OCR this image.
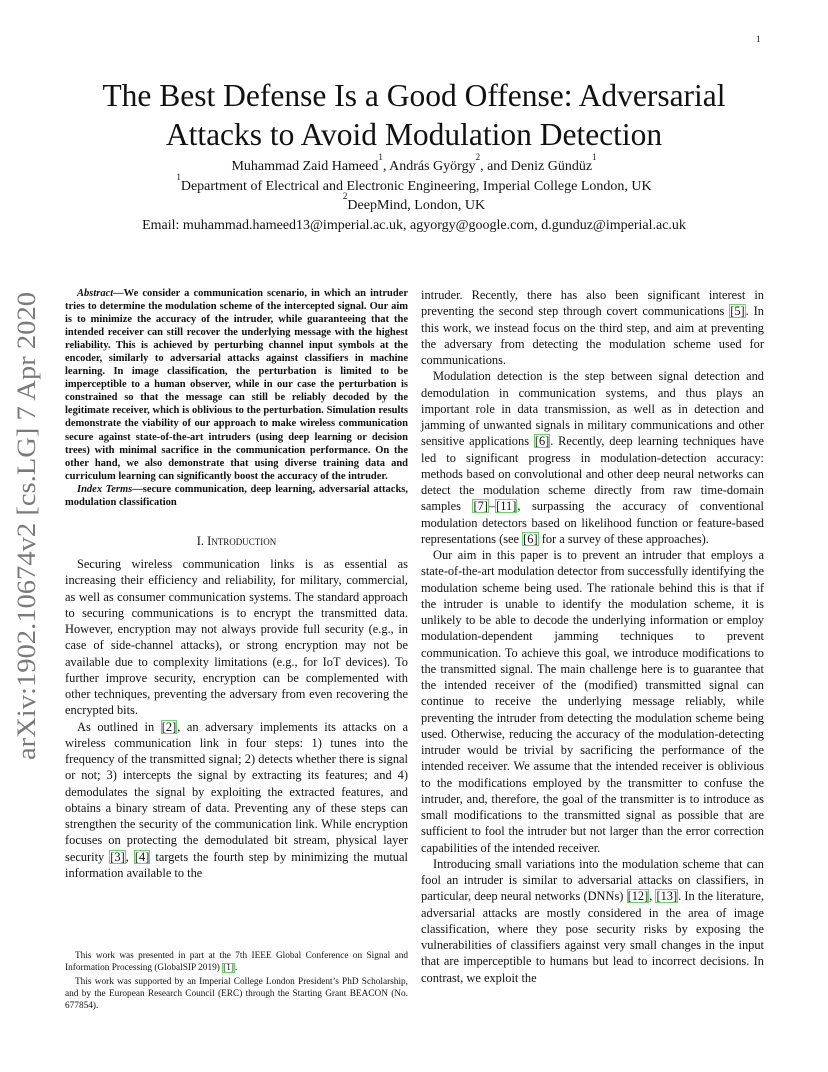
1
arXiv:1902.10674v2 [cs.LG] 7 Apr 2020
The Best Defense Is a Good Offense: Adversarial
Attacks to Avoid Modulation Detection
Muhammad Zaid Hameed$^1$, András György$^2$, and Deniz Gündüz$^1$
$^1$Department of Electrical and Electronic Engineering, Imperial College London, UK
$^2$DeepMind, London, UK
Email: muhammad.hameed13@imperial.ac.uk, agyorgy@google.com, d.gunduz@imperial.ac.uk

Abstract—We consider a communication scenario, in which an intruder tries to determine the modulation scheme of the intercepted signal. Our aim is to minimize the accuracy of the intruder, while guaranteeing that the intended receiver can still recover the underlying message with the highest reliability. This is achieved by perturbing channel input symbols at the encoder, similarly to adversarial attacks against classifiers in machine learning. In image classification, the perturbation is limited to be imperceptible to a human observer, while in our case the perturbation is constrained so that the message can still be reliably decoded by the legitimate receiver, which is oblivious to the perturbation. Simulation results demonstrate the viability of our approach to make wireless communication secure against state-of-the-art intruders (using deep learning or decision trees) with minimal sacrifice in the communication performance. On the other hand, we also demonstrate that using diverse training data and curriculum learning can significantly boost the accuracy of the intruder.

Index Terms—secure communication, deep learning, adversarial attacks, modulation classification

I. Introduction

Securing wireless communication links is as essential as increasing their efficiency and reliability, for military, commercial, as well as consumer communication systems. The standard approach to securing communications is to encrypt the transmitted data. However, encryption may not always provide full security (e.g., in case of side-channel attacks), or strong encryption may not be available due to complexity limitations (e.g., for IoT devices). To further improve security, encryption can be complemented with other techniques, preventing the adversary from even recovering the encrypted bits.

As outlined in [2], an adversary implements its attacks on a wireless communication link in four steps: 1) tunes into the frequency of the transmitted signal; 2) detects whether there is signal or not; 3) intercepts the signal by extracting its features; and 4) demodulates the signal by exploiting the extracted features, and obtains a binary stream of data. Preventing any of these steps can strengthen the security of the communication link. While encryption focuses on protecting the demodulated bit stream, physical layer security [3], [4] targets the fourth step by minimizing the mutual information available to the

This work was presented in part at the 7th IEEE Global Conference on Signal and Information Processing (GlobalSIP 2019) [1].

This work was supported by an Imperial College London President’s PhD Scholarship, and by the European Research Council (ERC) through the Starting Grant BEACON (No. 677854).

intruder. Recently, there has also been significant interest in preventing the second step through covert communications [5]. In this work, we instead focus on the third step, and aim at preventing the adversary from detecting the modulation scheme used for communications.

Modulation detection is the step between signal detection and demodulation in communication systems, and thus plays an important role in data transmission, as well as in detection and jamming of unwanted signals in military communications and other sensitive applications [6]. Recently, deep learning techniques have led to significant progress in modulation-detection accuracy: methods based on convolutional and other deep neural networks can detect the modulation scheme directly from raw time-domain samples [7]–[11], surpassing the accuracy of conventional modulation detectors based on likelihood function or feature-based representations (see [6] for a survey of these approaches).

Our aim in this paper is to prevent an intruder that employs a state-of-the-art modulation detector from successfully identifying the modulation scheme being used. The rationale behind this is that if the intruder is unable to identify the modulation scheme, it is unlikely to be able to decode the underlying information or employ modulation-dependent jamming techniques to prevent communication. To achieve this goal, we introduce modifications to the transmitted signal. The main challenge here is to guarantee that the intended receiver of the (modified) transmitted signal can continue to receive the underlying message reliably, while preventing the intruder from detecting the modulation scheme being used. Otherwise, reducing the accuracy of the modulation-detecting intruder would be trivial by sacrificing the performance of the intended receiver. We assume that the intended receiver is oblivious to the modifications employed by the transmitter to confuse the intruder, and, therefore, the goal of the transmitter is to introduce as small modifications to the transmitted signal as possible that are sufficient to fool the intruder but not larger than the error correction capabilities of the intended receiver.

Introducing small variations into the modulation scheme that can fool an intruder is similar to adversarial attacks on classifiers, in particular, deep neural networks (DNNs) [12], [13]. In the literature, adversarial attacks are mostly considered in the area of image classification, where they pose security risks by exposing the vulnerabilities of classifiers against very small changes in the input that are imperceptible to humans but lead to incorrect decisions. In contrast, we exploit the
